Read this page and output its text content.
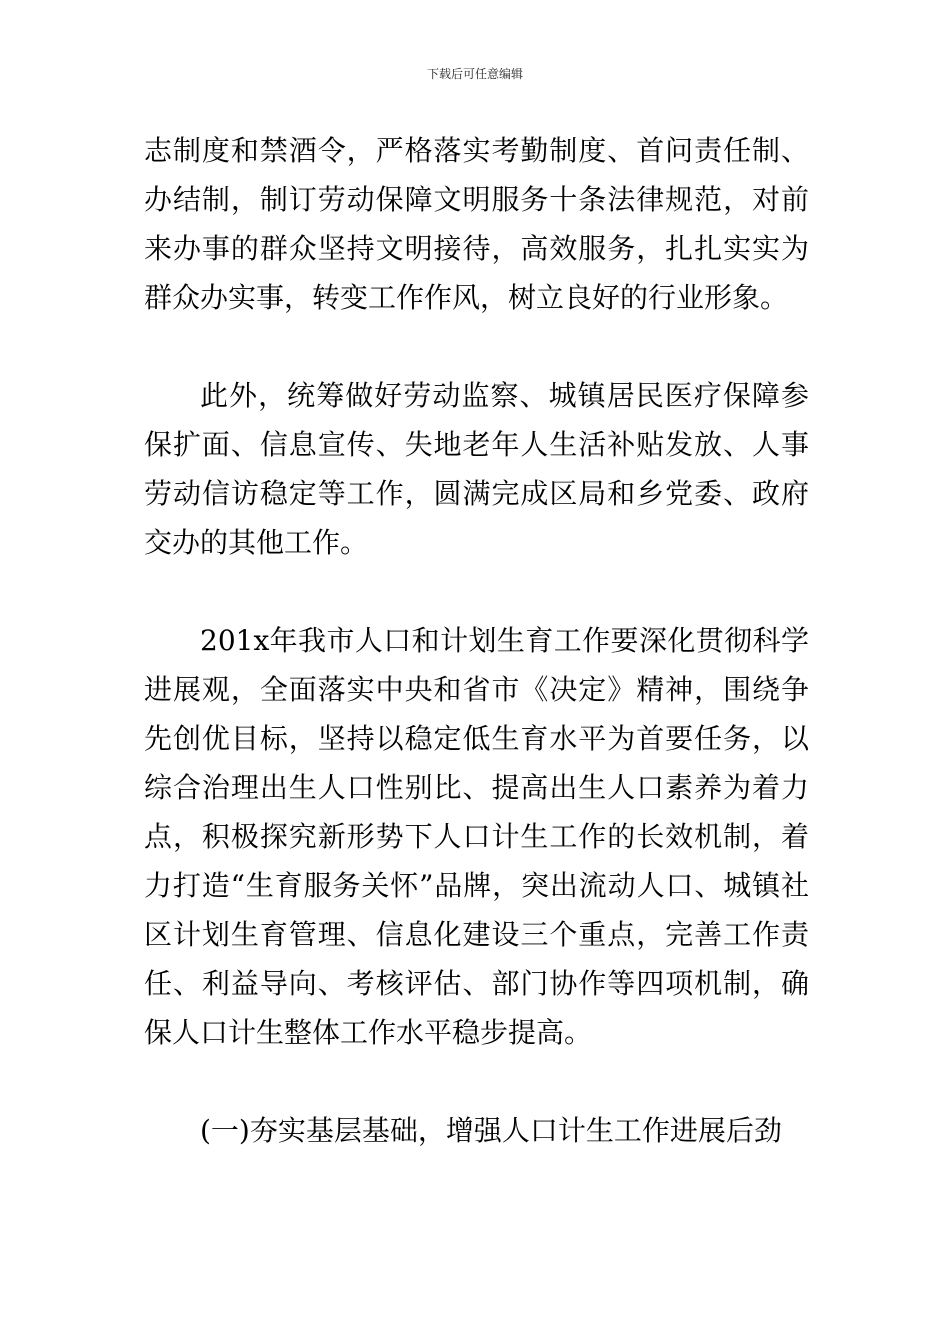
下载后可任意编辑

志制度和禁酒令，严格落实考勤制度、首问责任制、办结制，制订劳动保障文明服务十条法律规范，对前来办事的群众坚持文明接待，高效服务，扎扎实实为群众办实事，转变工作作风，树立良好的行业形象。

此外，统筹做好劳动监察、城镇居民医疗保障参保扩面、信息宣传、失地老年人生活补贴发放、人事劳动信访稳定等工作，圆满完成区局和乡党委、政府交办的其他工作。

201x年我市人口和计划生育工作要深化贯彻科学进展观，全面落实中央和省市《决定》精神，围绕争先创优目标，坚持以稳定低生育水平为首要任务，以综合治理出生人口性别比、提高出生人口素养为着力点，积极探究新形势下人口计生工作的长效机制，着力打造“生育服务关怀”品牌，突出流动人口、城镇社区计划生育管理、信息化建设三个重点，完善工作责任、利益导向、考核评估、部门协作等四项机制，确保人口计生整体工作水平稳步提高。

(一)夯实基层基础，增强人口计生工作进展后劲
